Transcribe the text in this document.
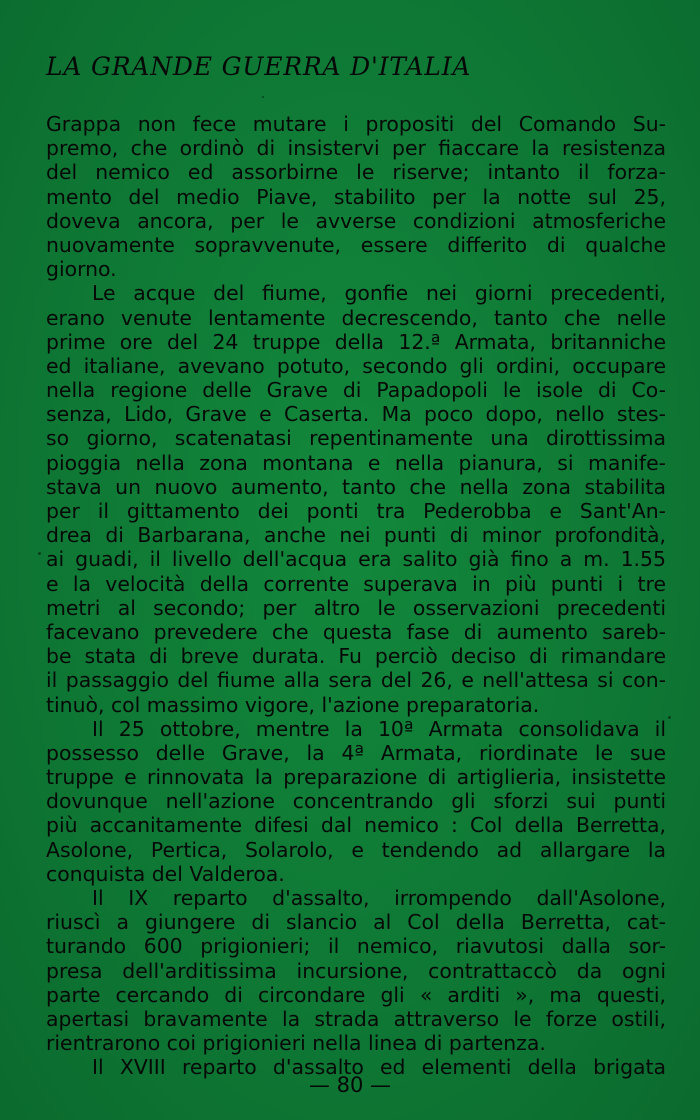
LA GRANDE GUERRA D'ITALIA
Grappa non fece mutare i propositi del Comando Su-
premo, che ordinò di insistervi per fiaccare la resistenza
del nemico ed assorbirne le riserve; intanto il forza-
mento del medio Piave, stabilito per la notte sul 25,
doveva ancora, per le avverse condizioni atmosferiche
nuovamente sopravvenute, essere differito di qualche
giorno.
Le acque del fiume, gonfie nei giorni precedenti,
erano venute lentamente decrescendo, tanto che nelle
prime ore del 24 truppe della 12.ª Armata, britanniche
ed italiane, avevano potuto, secondo gli ordini, occupare
nella regione delle Grave di Papadopoli le isole di Co-
senza, Lido, Grave e Caserta. Ma poco dopo, nello stes-
so giorno, scatenatasi repentinamente una dirottissima
pioggia nella zona montana e nella pianura, si manife-
stava un nuovo aumento, tanto che nella zona stabilita
per il gittamento dei ponti tra Pederobba e Sant'An-
drea di Barbarana, anche nei punti di minor profondità,
ai guadi, il livello dell'acqua era salito già fino a m. 1.55
e la velocità della corrente superava in più punti i tre
metri al secondo; per altro le osservazioni precedenti
facevano prevedere che questa fase di aumento sareb-
be stata di breve durata. Fu perciò deciso di rimandare
il passaggio del fiume alla sera del 26, e nell'attesa si con-
tinuò, col massimo vigore, l'azione preparatoria.
Il 25 ottobre, mentre la 10ª Armata consolidava il
possesso delle Grave, la 4ª Armata, riordinate le sue
truppe e rinnovata la preparazione di artiglieria, insistette
dovunque nell'azione concentrando gli sforzi sui punti
più accanitamente difesi dal nemico : Col della Berretta,
Asolone, Pertica, Solarolo, e tendendo ad allargare la
conquista del Valderoa.
Il IX reparto d'assalto, irrompendo dall'Asolone,
riuscì a giungere di slancio al Col della Berretta, cat-
turando 600 prigionieri; il nemico, riavutosi dalla sor-
presa dell'arditissima incursione, contrattaccò da ogni
parte cercando di circondare gli « arditi », ma questi,
apertasi bravamente la strada attraverso le forze ostili,
rientrarono coi prigionieri nella linea di partenza.
Il XVIII reparto d'assalto ed elementi della brigata
— 80 —
